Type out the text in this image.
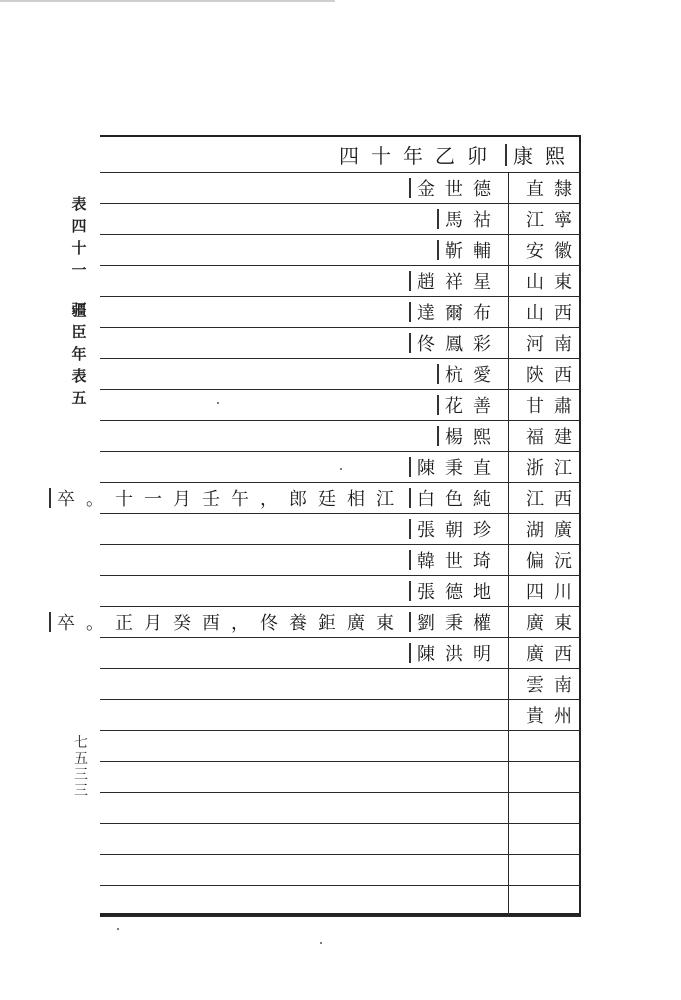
表四十一
疆臣年表五
七五三三
四十年乙卯 康熙
直隸
金世德
江寧
馬祜
安徽
靳輔
山東
趙祥星
山西
達爾布
河南
佟鳳彩
陝西
杭愛
甘肅
花善
福建
楊熙
浙江
陳秉直
江西
白色純
卒。十一月壬午，郎廷相江
湖廣
張朝珍
偏沅
韓世琦
四川
張德地
廣東
劉秉權
卒。正月癸酉，佟養鉅廣東
廣西
陳洪明
雲南
貴州
